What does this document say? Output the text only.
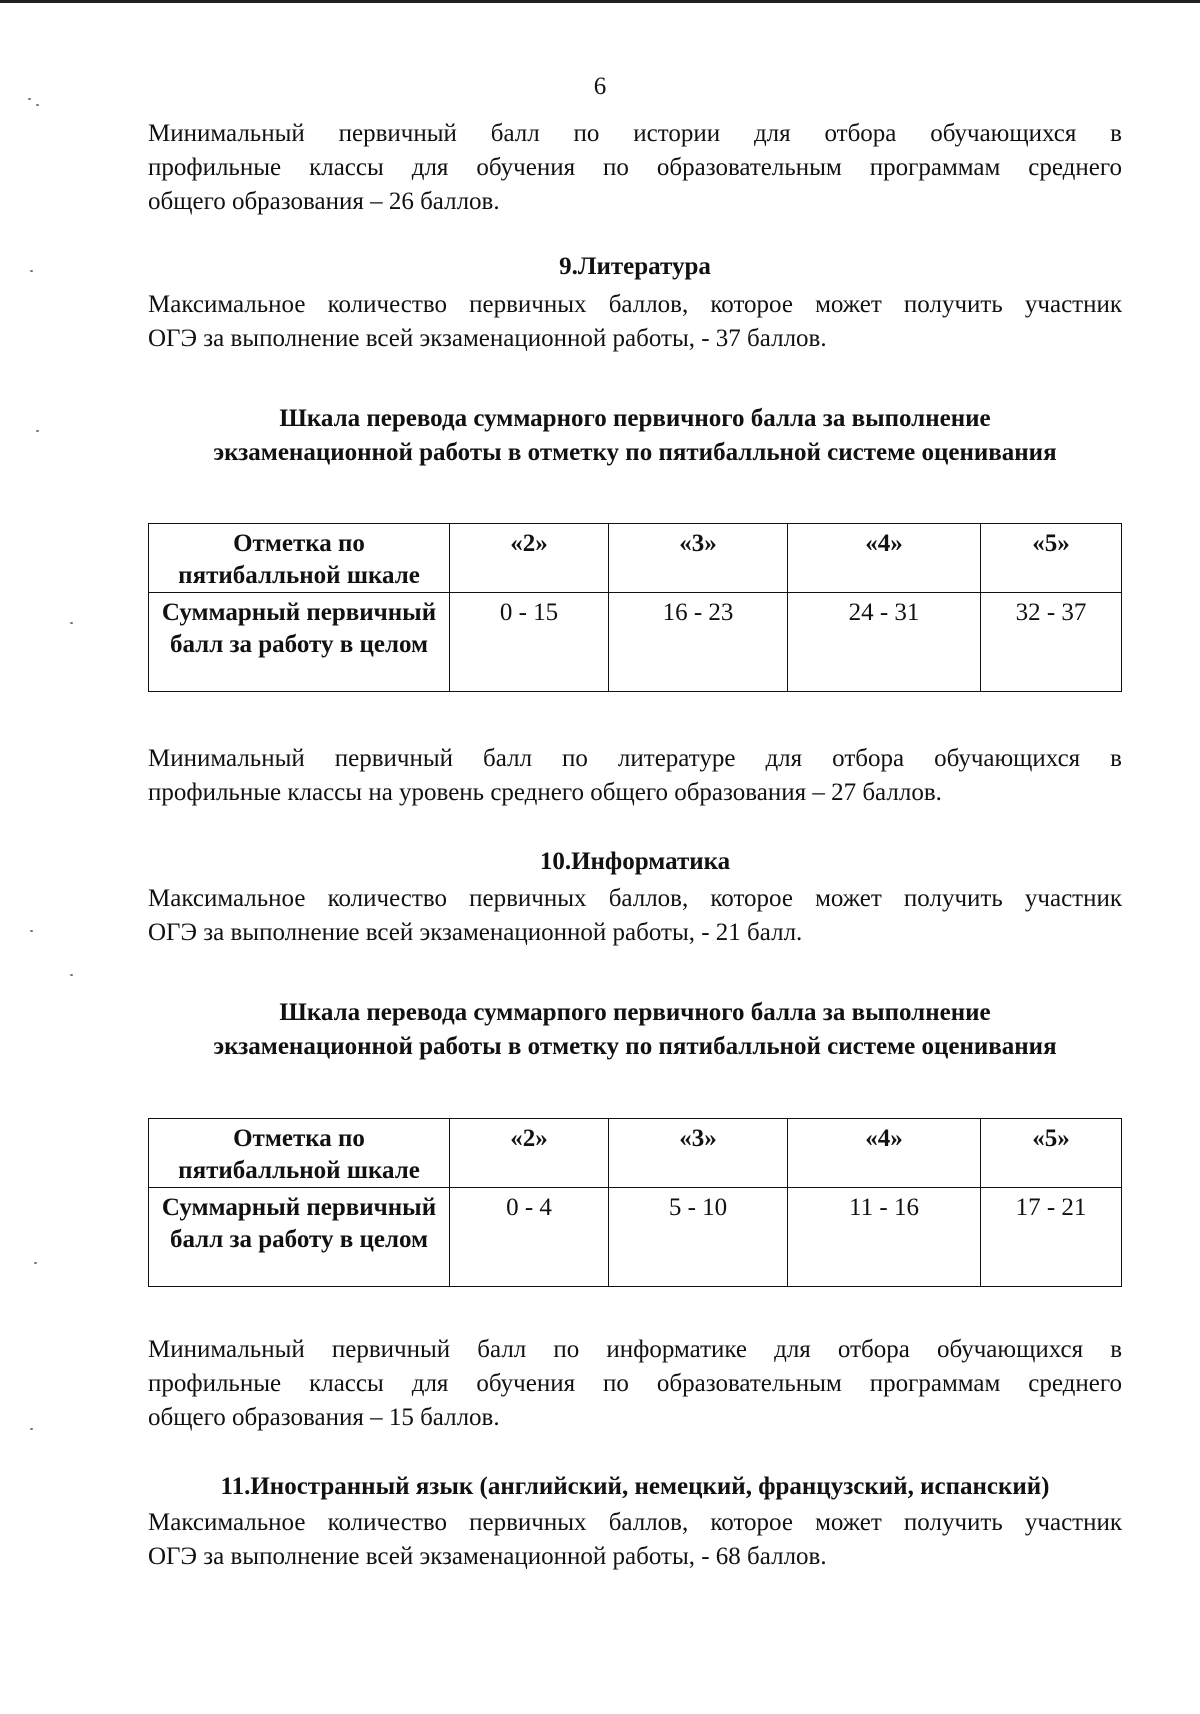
6
Минимальный первичный балл по истории для отбора обучающихся в
профильные классы для обучения по образовательным программам среднего
общего образования – 26 баллов.
9.Литература
Максимальное количество первичных баллов, которое может получить участник
ОГЭ за выполнение всей экзаменационной работы, - 37 баллов.
Шкала перевода суммарного первичного балла за выполнение
экзаменационной работы в отметку по пятибалльной системе оценивания
Отметка по пятибалльной шкале	«2»	«3»	«4»	«5»
Суммарный первичный балл за работу в целом	0 - 15	16 - 23	24 - 31	32 - 37
Минимальный первичный балл по литературе для отбора обучающихся в
профильные классы на уровень среднего общего образования – 27 баллов.
10.Информатика
Максимальное количество первичных баллов, которое может получить участник
ОГЭ за выполнение всей экзаменационной работы, - 21 балл.
Шкала перевода суммарпого первичного балла за выполнение
экзаменационной работы в отметку по пятибалльной системе оценивания
Отметка по пятибалльной шкале	«2»	«3»	«4»	«5»
Суммарный первичный балл за работу в целом	0 - 4	5 - 10	11 - 16	17 - 21
Минимальный первичный балл по информатике для отбора обучающихся в
профильные классы для обучения по образовательным программам среднего
общего образования – 15 баллов.
11.Иностранный язык (английский, немецкий, французский, испанский)
Максимальное количество первичных баллов, которое может получить участник
ОГЭ за выполнение всей экзаменационной работы, - 68 баллов.
